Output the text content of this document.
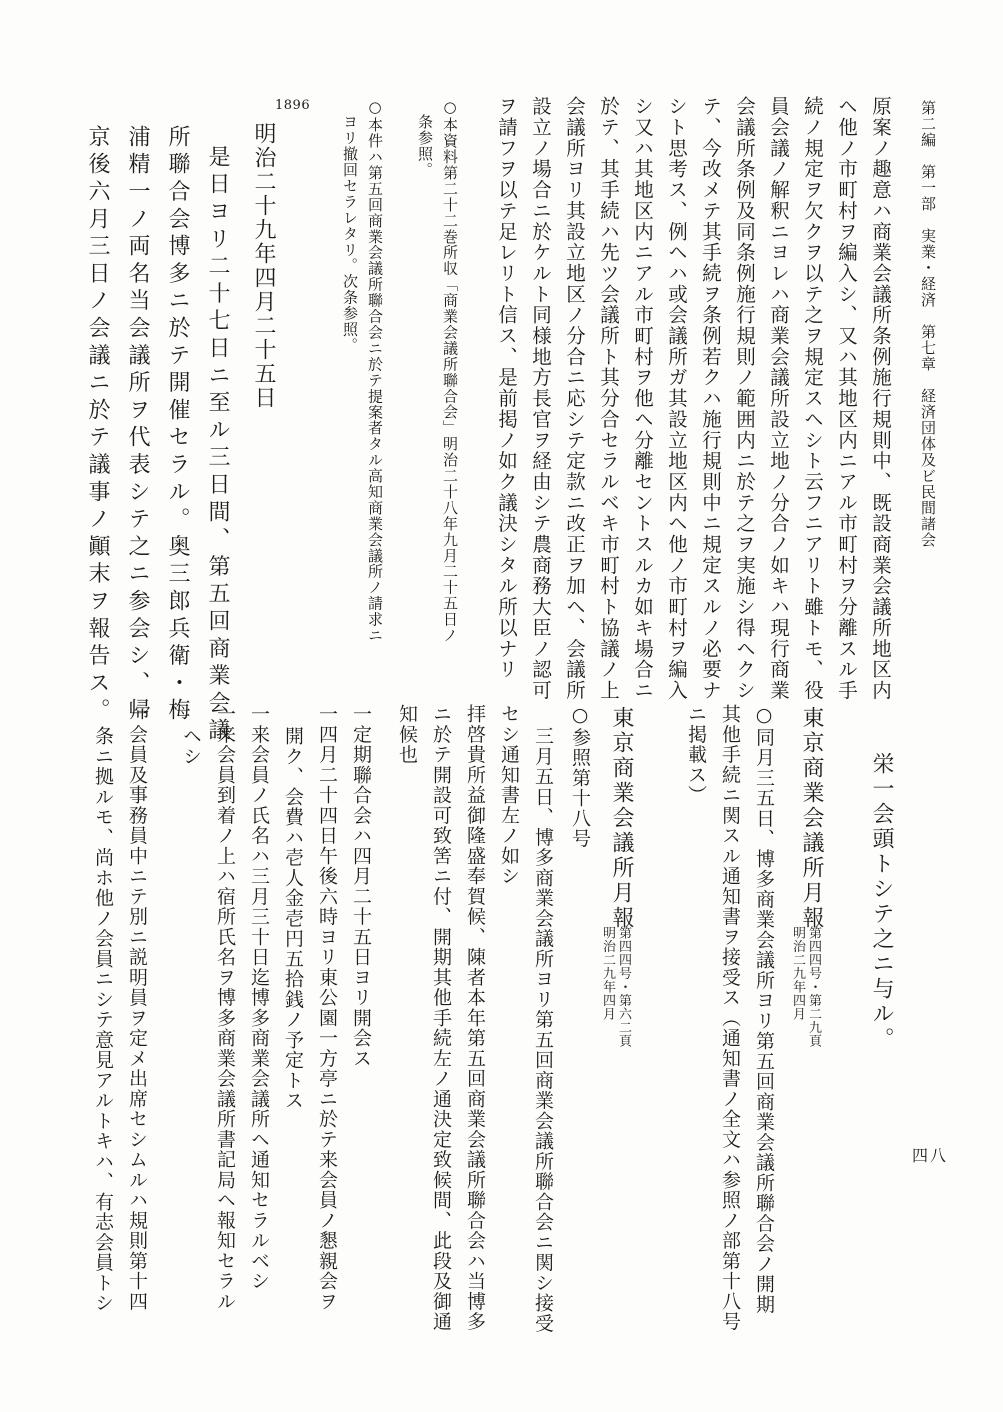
第二編　第一部　実業・経済　第七章　経済団体及ビ民間諸会
四八
原案ノ趣意ハ商業会議所条例施行規則中、既設商業会議所地区内
ヘ他ノ市町村ヲ編入シ、又ハ其地区内ニアル市町村ヲ分離スル手
続ノ規定ヲ欠クヲ以テ之ヲ規定スヘシト云フニアリト雖トモ、役
員会議ノ解釈ニヨレハ商業会議所設立地ノ分合ノ如キハ現行商業
会議所条例及同条例施行規則ノ範囲内ニ於テ之ヲ実施シ得ヘクシ
テ、今改メテ其手続ヲ条例若クハ施行規則中ニ規定スルノ必要ナ
シト思考ス、例ヘハ或会議所ガ其設立地区内ヘ他ノ市町村ヲ編入
シ又ハ其地区内ニアル市町村ヲ他ヘ分離セントスルカ如キ場合ニ
於テ、其手続ハ先ツ会議所ト其分合セラルベキ市町村ト協議ノ上
会議所ヨリ其設立地区ノ分合ニ応シテ定款ニ改正ヲ加ヘ、会議所
設立ノ場合ニ於ケルト同様地方長官ヲ経由シテ農商務大臣ノ認可
ヲ請フヲ以テ足レリト信ス、是前掲ノ如ク議決シタル所以ナリ
○本資料第二十二巻所収「商業会議所聯合会」明治二十八年九月二十五日ノ
条参照。
○本件ハ第五回商業会議所聯合会ニ於テ提案者タル高知商業会議所ノ請求ニ
ヨリ撤回セラレタリ。次条参照。
1896
明治二十九年四月二十五日
是日ヨリ二十七日ニ至ル三日間、第五回商業会議
所聯合会博多ニ於テ開催セラル。奥三郎兵衛・梅
浦精一ノ両名当会議所ヲ代表シテ之ニ参会シ、帰
京後六月三日ノ会議ニ於テ議事ノ顚末ヲ報告ス。
栄一会頭トシテ之ニ与ル。
東京商業会議所月報
第四四号・第二九頁
明治二九年四月
○同月三五日、博多商業会議所ヨリ第五回商業会議所聯合会ノ開期
其他手続ニ関スル通知書ヲ接受ス（通知書ノ全文ハ参照ノ部第十八号
ニ掲載ス）
東京商業会議所月報
第四四号・第六二頁
明治二九年四月
○参照第十八号
三月五日、博多商業会議所ヨリ第五回商業会議所聯合会ニ関シ接受
セシ通知書左ノ如シ
拝啓貴所益御隆盛奉賀候、陳者本年第五回商業会議所聯合会ハ当博多
ニ於テ開設可致筈ニ付、開期其他手続左ノ通決定致候間、此段及御通
知候也
一定期聯合会ハ四月二十五日ヨリ開会ス
一四月二十四日午後六時ヨリ東公園一方亭ニ於テ来会員ノ懇親会ヲ
開ク、会費ハ壱人金壱円五拾銭ノ予定トス
一来会員ノ氏名ハ三月三十日迄博多商業会議所ヘ通知セラルベシ
一来会員到着ノ上ハ宿所氏名ヲ博多商業会議所書記局ヘ報知セラル
ヘシ
一会員及事務員中ニテ別ニ説明員ヲ定メ出席セシムルハ規則第十四
条ニ拠ルモ、尚ホ他ノ会員ニシテ意見アルトキハ、有志会員トシ
